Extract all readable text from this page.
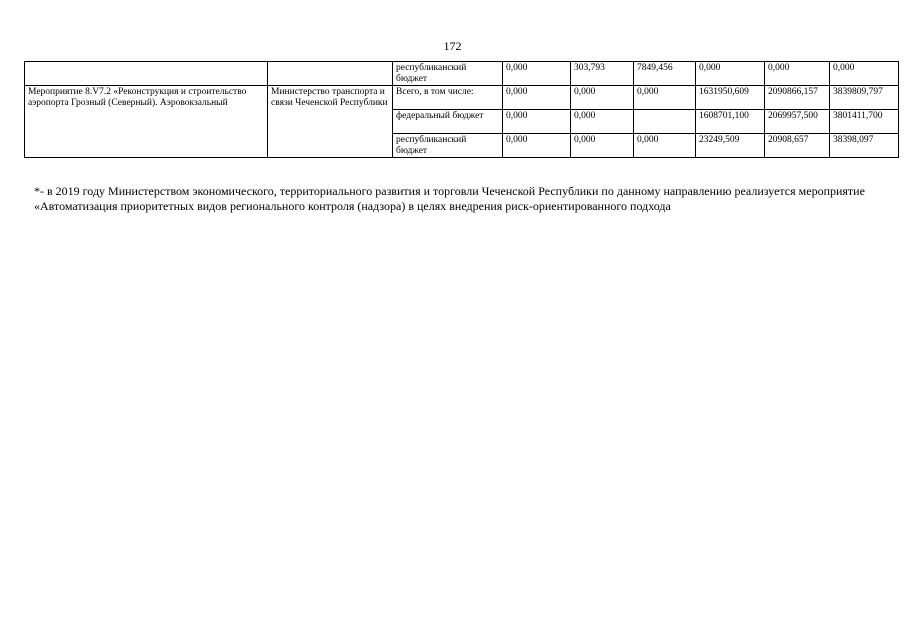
172
		республиканский бюджет	0,000	303,793	7849,456	0,000	0,000	0,000
Мероприятие 8.V7.2 «Реконструкция и строительство аэропорта Грозный (Северный). Аэровокзальный	Министерство транспорта и связи Чеченской Республики	Всего, в том числе:	0,000	0,000	0,000	1631950,609	2090866,157	3839809,797
		федеральный бюджет	0,000	0,000		1608701,100	2069957,500	3801411,700
		республиканский бюджет	0,000	0,000	0,000	23249,509	20908,657	38398,097
*- в 2019 году Министерством экономического, территориального развития и торговли Чеченской Республики по данному направлению реализуется мероприятие «Автоматизация приоритетных видов регионального контроля (надзора) в целях внедрения риск-ориентированного подхода
